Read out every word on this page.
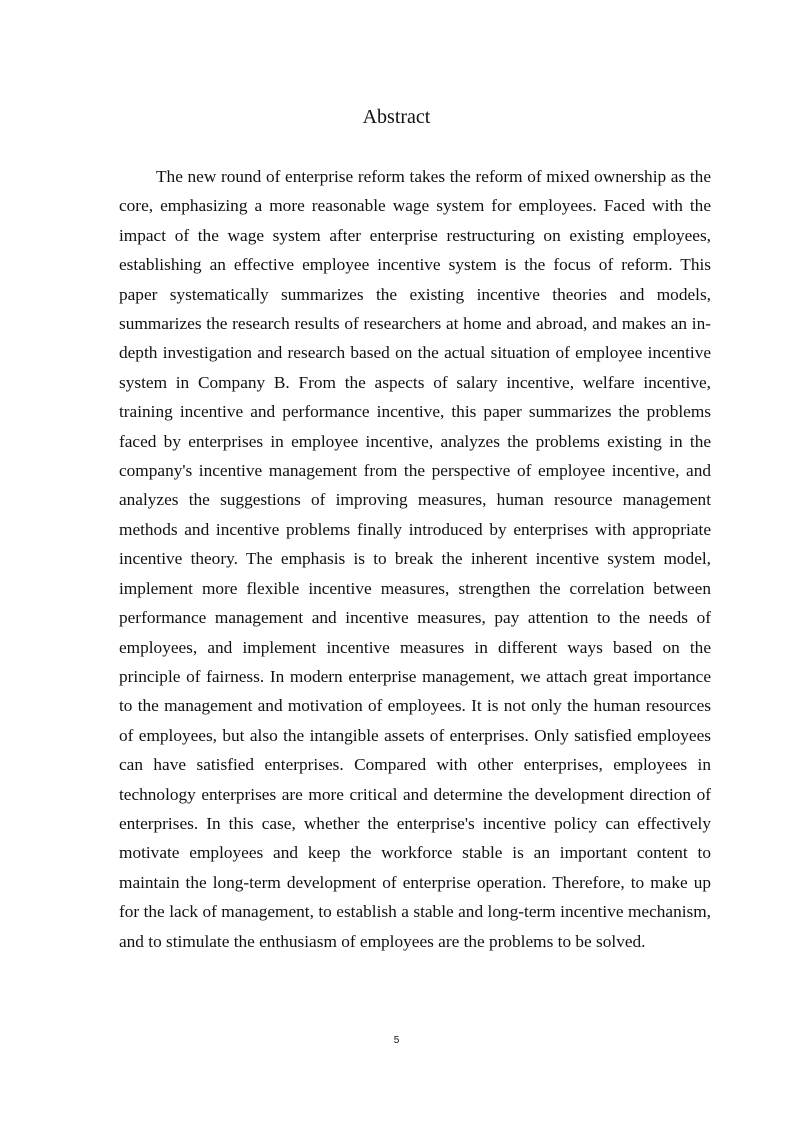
Abstract

The new round of enterprise reform takes the reform of mixed ownership as the core, emphasizing a more reasonable wage system for employees. Faced with the impact of the wage system after enterprise restructuring on existing employees, establishing an effective employee incentive system is the focus of reform. This paper systematically summarizes the existing incentive theories and models, summarizes the research results of researchers at home and abroad, and makes an in-depth investigation and research based on the actual situation of employee incentive system in Company B. From the aspects of salary incentive, welfare incentive, training incentive and performance incentive, this paper summarizes the problems faced by enterprises in employee incentive, analyzes the problems existing in the company's incentive management from the perspective of employee incentive, and analyzes the suggestions of improving measures, human resource management methods and incentive problems finally introduced by enterprises with appropriate incentive theory. The emphasis is to break the inherent incentive system model, implement more flexible incentive measures, strengthen the correlation between performance management and incentive measures, pay attention to the needs of employees, and implement incentive measures in different ways based on the principle of fairness. In modern enterprise management, we attach great importance to the management and motivation of employees. It is not only the human resources of employees, but also the intangible assets of enterprises. Only satisfied employees can have satisfied enterprises. Compared with other enterprises, employees in technology enterprises are more critical and determine the development direction of enterprises. In this case, whether the enterprise's incentive policy can effectively motivate employees and keep the workforce stable is an important content to maintain the long-term development of enterprise operation. Therefore, to make up for the lack of management, to establish a stable and long-term incentive mechanism, and to stimulate the enthusiasm of employees are the problems to be solved.

5
